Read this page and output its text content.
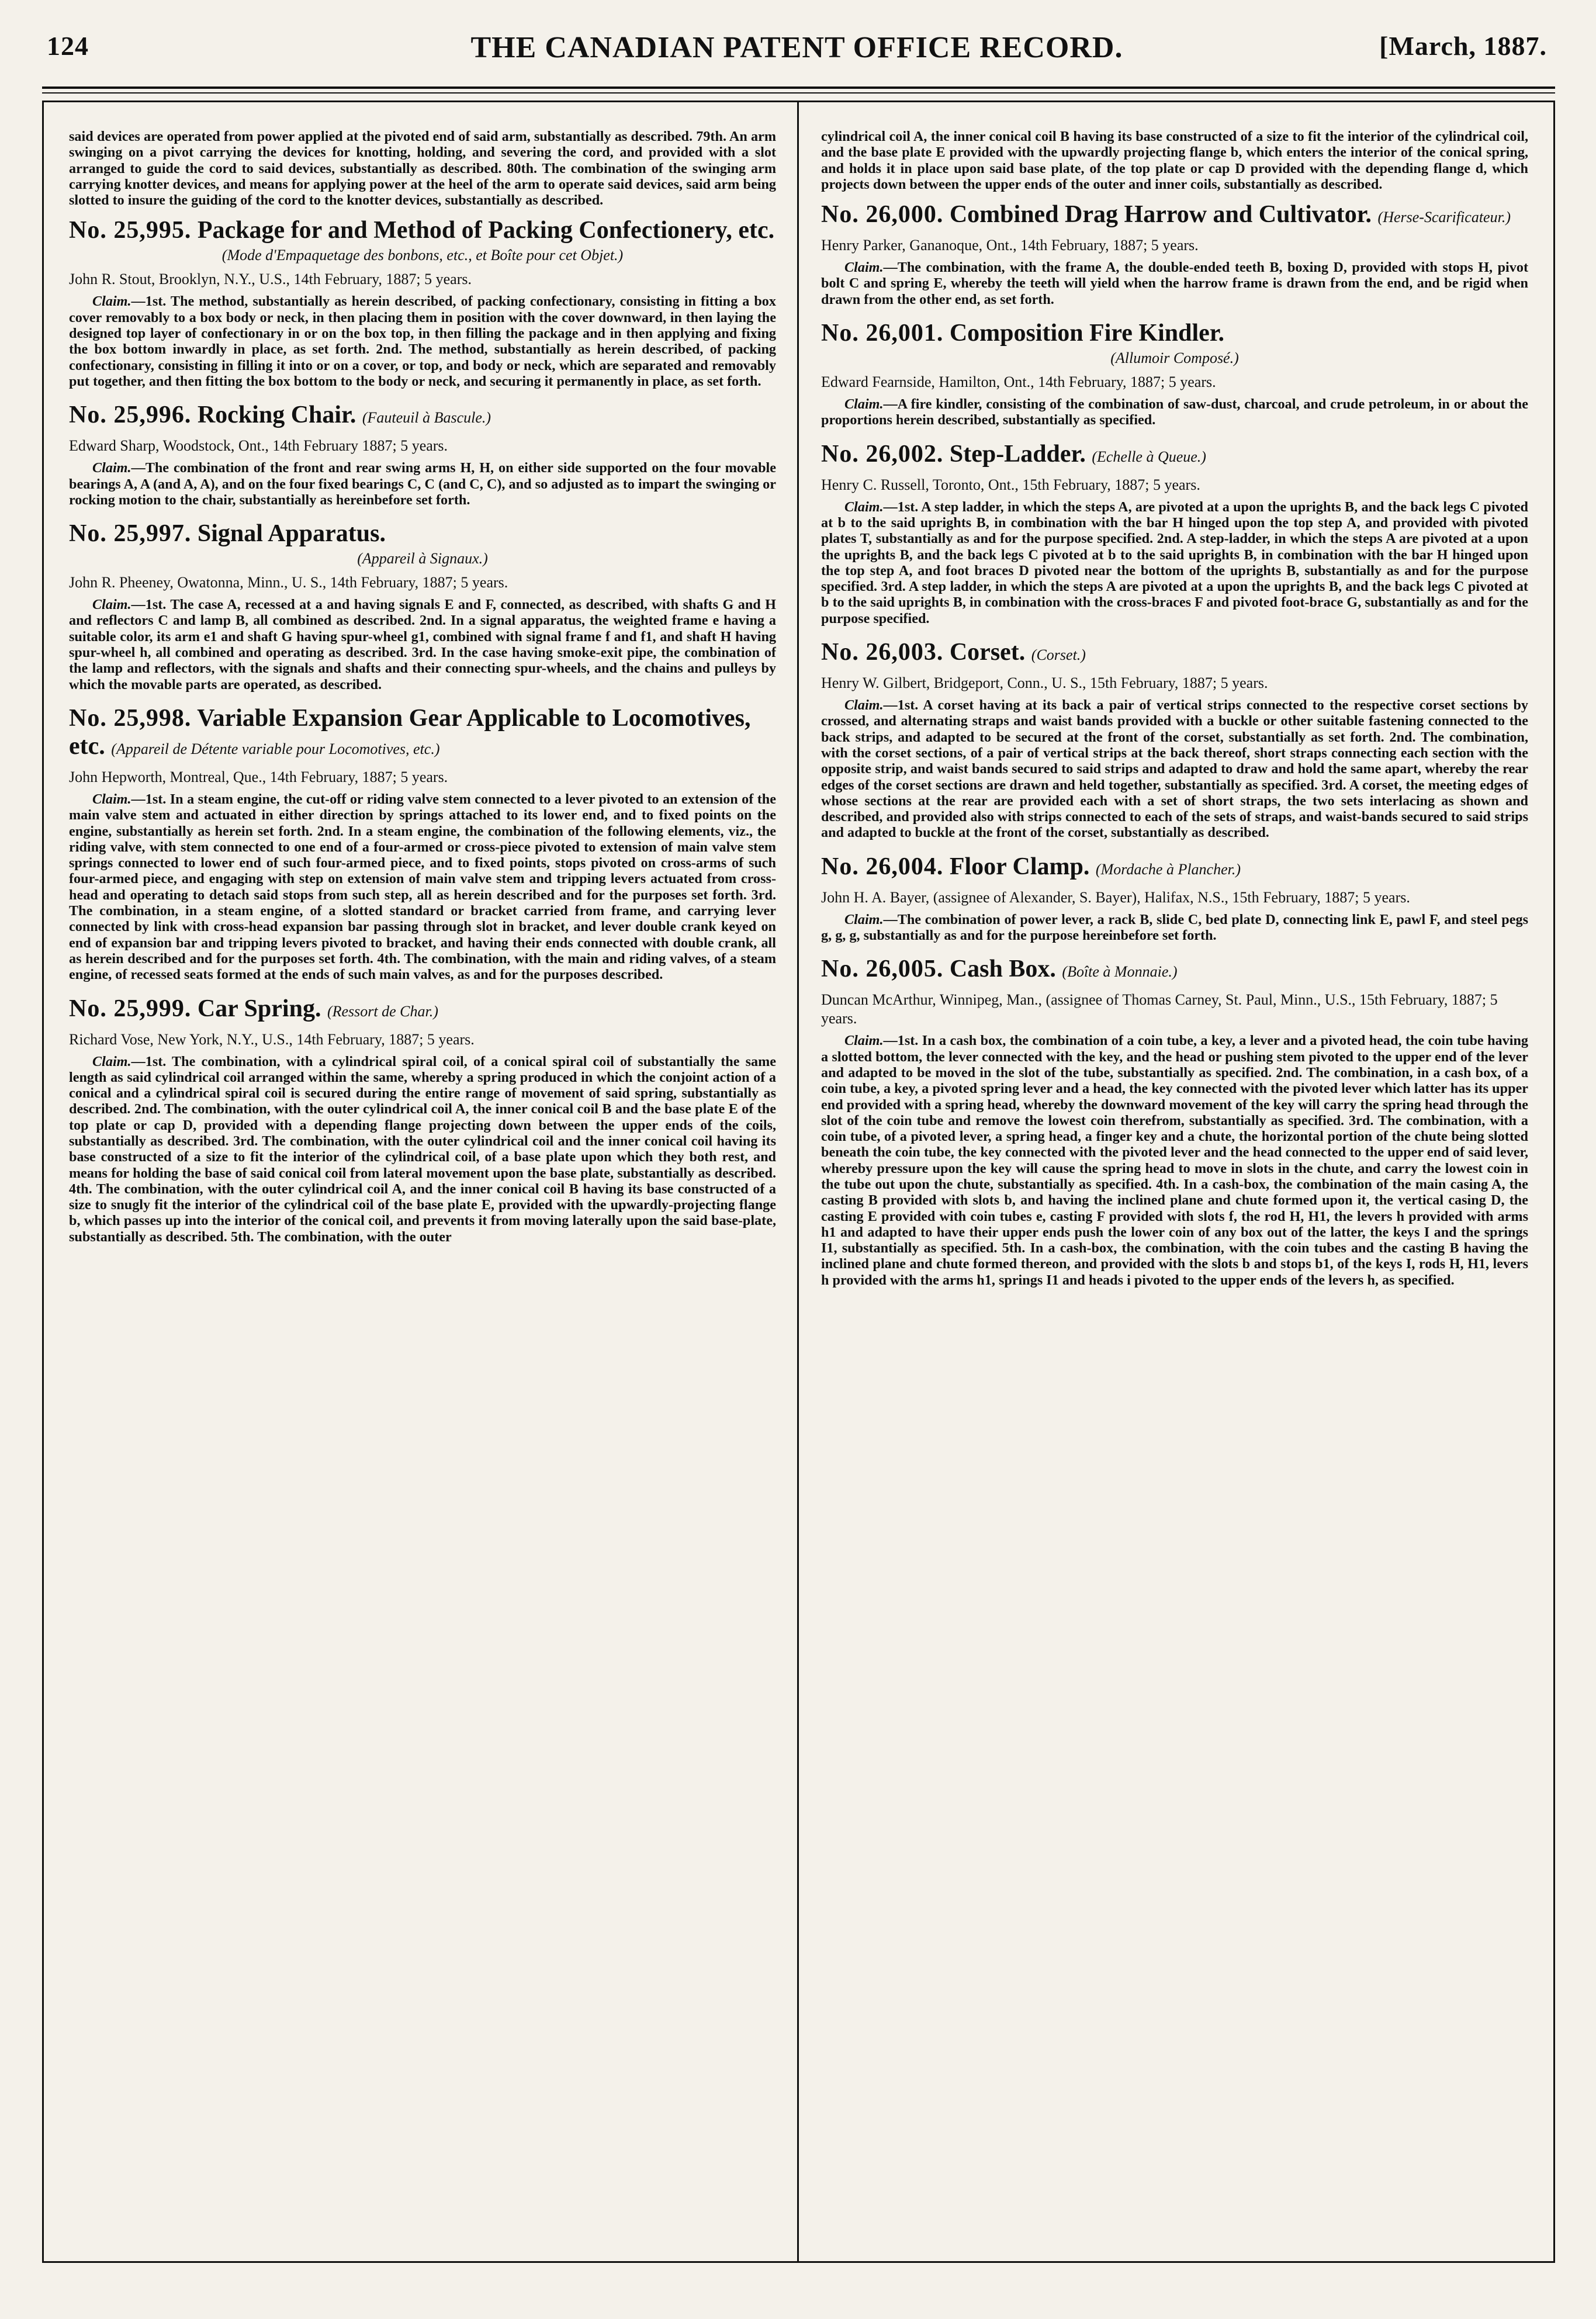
124	THE CANADIAN PATENT OFFICE RECORD.	[March, 1887.

said devices are operated from power applied at the pivoted end of said arm, substantially as described. 79th. An arm swinging on a pivot carrying the devices for knotting, holding, and severing the cord, and provided with a slot arranged to guide the cord to said devices, substantially as described. 80th. The combination of the swinging arm carrying knotter devices, and means for applying power at the heel of the arm to operate said devices, said arm being slotted to insure the guiding of the cord to the knotter devices, substantially as described.

No. 25,995. Package for and Method of Packing Confectionery, etc.
(Mode d'Empaquetage des bonbons, etc., et Boîte pour cet Objet.)
John R. Stout, Brooklyn, N.Y., U.S., 14th February, 1887; 5 years.

Claim.—1st. The method, substantially as herein described, of packing confectionary, consisting in fitting a box cover removably to a box body or neck, in then placing them in position with the cover downward, in then laying the designed top layer of confectionary in or on the box top, in then filling the package and in then applying and fixing the box bottom inwardly in place, as set forth. 2nd. The method, substantially as herein described, of packing confectionary, consisting in filling it into or on a cover, or top, and body or neck, which are separated and removably put together, and then fitting the box bottom to the body or neck, and securing it permanently in place, as set forth.

No. 25,996. Rocking Chair. (Fauteuil à Bascule.)
Edward Sharp, Woodstock, Ont., 14th February 1887; 5 years.

Claim.—The combination of the front and rear swing arms H, H, on either side supported on the four movable bearings A, A (and A, A), and on the four fixed bearings C, C (and C, C), and so adjusted as to impart the swinging or rocking motion to the chair, substantially as hereinbefore set forth.

No. 25,997. Signal Apparatus.
(Appareil à Signaux.)
John R. Pheeney, Owatonna, Minn., U. S., 14th February, 1887; 5 years.

Claim.—1st. The case A, recessed at a and having signals E and F, connected, as described, with shafts G and H and reflectors C and lamp B, all combined as described. 2nd. In a signal apparatus, the weighted frame e having a suitable color, its arm e1 and shaft G having spur-wheel g1, combined with signal frame f and f1, and shaft H having spur-wheel h, all combined and operating as described. 3rd. In the case having smoke-exit pipe, the combination of the lamp and reflectors, with the signals and shafts and their connecting spur-wheels, and the chains and pulleys by which the movable parts are operated, as described.

No. 25,998. Variable Expansion Gear Applicable to Locomotives, etc. (Appareil de Détente variable pour Locomotives, etc.)
John Hepworth, Montreal, Que., 14th February, 1887; 5 years.

Claim.—1st. In a steam engine, the cut-off or riding valve stem connected to a lever pivoted to an extension of the main valve stem and actuated in either direction by springs attached to its lower end, and to fixed points on the engine, substantially as herein set forth. 2nd. In a steam engine, the combination of the following elements, viz., the riding valve, with stem connected to one end of a four-armed or cross-piece pivoted to extension of main valve stem springs connected to lower end of such four-armed piece, and to fixed points, stops pivoted on cross-arms of such four-armed piece, and engaging with step on extension of main valve stem and tripping levers actuated from cross-head and operating to detach said stops from such step, all as herein described and for the purposes set forth. 3rd. The combination, in a steam engine, of a slotted standard or bracket carried from frame, and carrying lever connected by link with cross-head expansion bar passing through slot in bracket, and lever double crank keyed on end of expansion bar and tripping levers pivoted to bracket, and having their ends connected with double crank, all as herein described and for the purposes set forth. 4th. The combination, with the main and riding valves, of a steam engine, of recessed seats formed at the ends of such main valves, as and for the purposes described.

No. 25,999. Car Spring. (Ressort de Char.)
Richard Vose, New York, N.Y., U.S., 14th February, 1887; 5 years.

Claim.—1st. The combination, with a cylindrical spiral coil, of a conical spiral coil of substantially the same length as said cylindrical coil arranged within the same, whereby a spring produced in which the conjoint action of a conical and a cylindrical spiral coil is secured during the entire range of movement of said spring, substantially as described. 2nd. The combination, with the outer cylindrical coil A, the inner conical coil B and the base plate E of the top plate or cap D, provided with a depending flange projecting down between the upper ends of the coils, substantially as described. 3rd. The combination, with the outer cylindrical coil and the inner conical coil having its base constructed of a size to fit the interior of the cylindrical coil, of a base plate upon which they both rest, and means for holding the base of said conical coil from lateral movement upon the base plate, substantially as described. 4th. The combination, with the outer cylindrical coil A, and the inner conical coil B having its base constructed of a size to snugly fit the interior of the cylindrical coil of the base plate E, provided with the upwardly-projecting flange b, which passes up into the interior of the conical coil, and prevents it from moving laterally upon the said base-plate, substantially as described. 5th. The combination, with the outer

cylindrical coil A, the inner conical coil B having its base constructed of a size to fit the interior of the cylindrical coil, and the base plate E provided with the upwardly projecting flange b, which enters the interior of the conical spring, and holds it in place upon said base plate, of the top plate or cap D provided with the depending flange d, which projects down between the upper ends of the outer and inner coils, substantially as described.

No. 26,000. Combined Drag Harrow and Cultivator. (Herse-Scarificateur.)
Henry Parker, Gananoque, Ont., 14th February, 1887; 5 years.

Claim.—The combination, with the frame A, the double-ended teeth B, boxing D, provided with stops H, pivot bolt C and spring E, whereby the teeth will yield when the harrow frame is drawn from the end, and be rigid when drawn from the other end, as set forth.

No. 26,001. Composition Fire Kindler.
(Allumoir Composé.)
Edward Fearnside, Hamilton, Ont., 14th February, 1887; 5 years.

Claim.—A fire kindler, consisting of the combination of saw-dust, charcoal, and crude petroleum, in or about the proportions herein described, substantially as specified.

No. 26,002. Step-Ladder. (Echelle à Queue.)
Henry C. Russell, Toronto, Ont., 15th February, 1887; 5 years.

Claim.—1st. A step ladder, in which the steps A, are pivoted at a upon the uprights B, and the back legs C pivoted at b to the said uprights B, in combination with the bar H hinged upon the top step A, and provided with pivoted plates T, substantially as and for the purpose specified. 2nd. A step-ladder, in which the steps A are pivoted at a upon the uprights B, and the back legs C pivoted at b to the said uprights B, in combination with the bar H hinged upon the top step A, and foot braces D pivoted near the bottom of the uprights B, substantially as and for the purpose specified. 3rd. A step ladder, in which the steps A are pivoted at a upon the uprights B, and the back legs C pivoted at b to the said uprights B, in combination with the cross-braces F and pivoted foot-brace G, substantially as and for the purpose specified.

No. 26,003. Corset. (Corset.)
Henry W. Gilbert, Bridgeport, Conn., U. S., 15th February, 1887; 5 years.

Claim.—1st. A corset having at its back a pair of vertical strips connected to the respective corset sections by crossed, and alternating straps and waist bands provided with a buckle or other suitable fastening connected to the back strips, and adapted to be secured at the front of the corset, substantially as set forth. 2nd. The combination, with the corset sections, of a pair of vertical strips at the back thereof, short straps connecting each section with the opposite strip, and waist bands secured to said strips and adapted to draw and hold the same apart, whereby the rear edges of the corset sections are drawn and held together, substantially as specified. 3rd. A corset, the meeting edges of whose sections at the rear are provided each with a set of short straps, the two sets interlacing as shown and described, and provided also with strips connected to each of the sets of straps, and waist-bands secured to said strips and adapted to buckle at the front of the corset, substantially as described.

No. 26,004. Floor Clamp. (Mordache à Plancher.)
John H. A. Bayer, (assignee of Alexander, S. Bayer), Halifax, N.S., 15th February, 1887; 5 years.

Claim.—The combination of power lever, a rack B, slide C, bed plate D, connecting link E, pawl F, and steel pegs g, g, g, substantially as and for the purpose hereinbefore set forth.

No. 26,005. Cash Box. (Boîte à Monnaie.)
Duncan McArthur, Winnipeg, Man., (assignee of Thomas Carney, St. Paul, Minn., U.S., 15th February, 1887; 5 years.

Claim.—1st. In a cash box, the combination of a coin tube, a key, a lever and a pivoted head, the coin tube having a slotted bottom, the lever connected with the key, and the head or pushing stem pivoted to the upper end of the lever and adapted to be moved in the slot of the tube, substantially as specified. 2nd. The combination, in a cash box, of a coin tube, a key, a pivoted spring lever and a head, the key connected with the pivoted lever which latter has its upper end provided with a spring head, whereby the downward movement of the key will carry the spring head through the slot of the coin tube and remove the lowest coin therefrom, substantially as specified. 3rd. The combination, with a coin tube, of a pivoted lever, a spring head, a finger key and a chute, the horizontal portion of the chute being slotted beneath the coin tube, the key connected with the pivoted lever and the head connected to the upper end of said lever, whereby pressure upon the key will cause the spring head to move in slots in the chute, and carry the lowest coin in the tube out upon the chute, substantially as specified. 4th. In a cash-box, the combination of the main casing A, the casting B provided with slots b, and having the inclined plane and chute formed upon it, the vertical casing D, the casting E provided with coin tubes e, casting F provided with slots f, the rod H, H1, the levers h provided with arms h1 and adapted to have their upper ends push the lower coin of any box out of the latter, the keys I and the springs I1, substantially as specified. 5th. In a cash-box, the combination, with the coin tubes and the casting B having the inclined plane and chute formed thereon, and provided with the slots b and stops b1, of the keys I, rods H, H1, levers h provided with the arms h1, springs I1 and heads i pivoted to the upper ends of the levers h, as specified.
